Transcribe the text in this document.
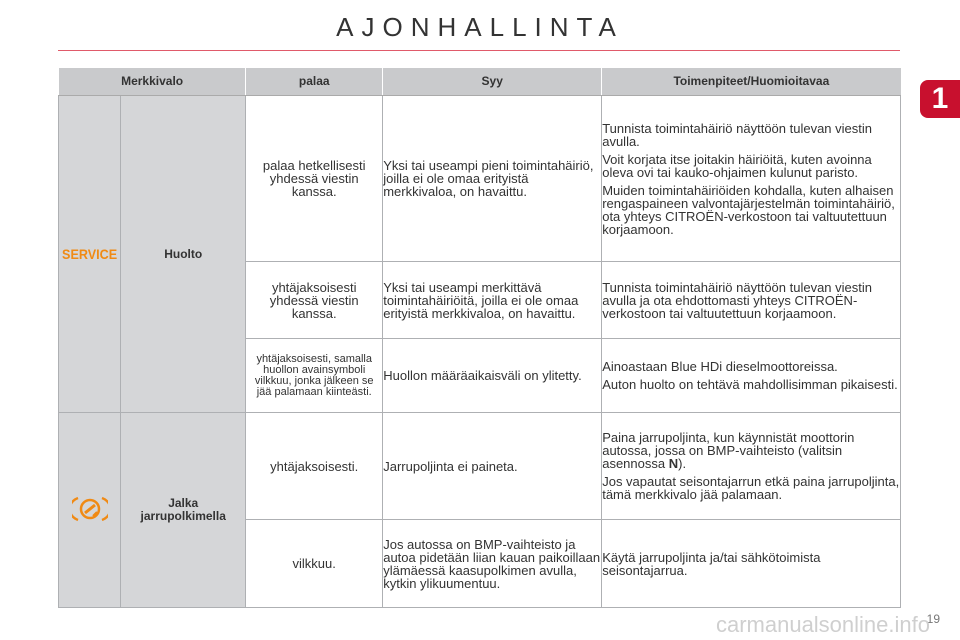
AJONHALLINTA
1
Merkkivalo		palaa	Syy	Toimenpiteet/Huomioitavaa
SERVICE	Huolto	palaa hetkellisesti yhdessä viestin kanssa.	Yksi tai useampi pieni toimintahäiriö, joilla ei ole omaa erityistä merkkivaloa, on havaittu.	Tunnista toimintahäiriö näyttöön tulevan viestin avulla.

Voit korjata itse joitakin häiriöitä, kuten avoinna oleva ovi tai kauko-ohjaimen kulunut paristo.

Muiden toimintahäiriöiden kohdalla, kuten alhaisen rengaspaineen valvontajärjestelmän toimintahäiriö, ota yhteys CITROËN-verkostoon tai valtuutettuun korjaamoon.

		yhtäjaksoisesti yhdessä viestin kanssa.	Yksi tai useampi merkittävä toimintahäiriöitä, joilla ei ole omaa erityistä merkkivaloa, on havaittu.	Tunnista toimintahäiriö näyttöön tulevan viestin avulla ja ota ehdottomasti yhteys CITROËN-verkostoon tai valtuutettuun korjaamoon.

		yhtäjaksoisesti, samalla huollon avainsymboli vilkkuu, jonka jälkeen se jää palamaan kiinteästi.	Huollon määräaikaisväli on ylitetty.	Ainoastaan Blue HDi dieselmoottoreissa.

Auton huolto on tehtävä mahdollisimman pikaisesti.

	Jalka jarrupolkimella	yhtäjaksoisesti.	Jarrupoljinta ei paineta.	Paina jarrupoljinta, kun käynnistät moottorin autossa, jossa on BMP-vaihteisto (valitsin asennossa N).

Jos vapautat seisontajarrun etkä paina jarrupoljinta, tämä merkkivalo jää palamaan.

		vilkkuu.	Jos autossa on BMP-vaihteisto ja autoa pidetään liian kauan paikoillaan ylämäessä kaasupolkimen avulla, kytkin ylikuumentuu.	Käytä jarrupoljinta ja/tai sähkötoimista seisontajarrua.

19
carmanualsonline.info
